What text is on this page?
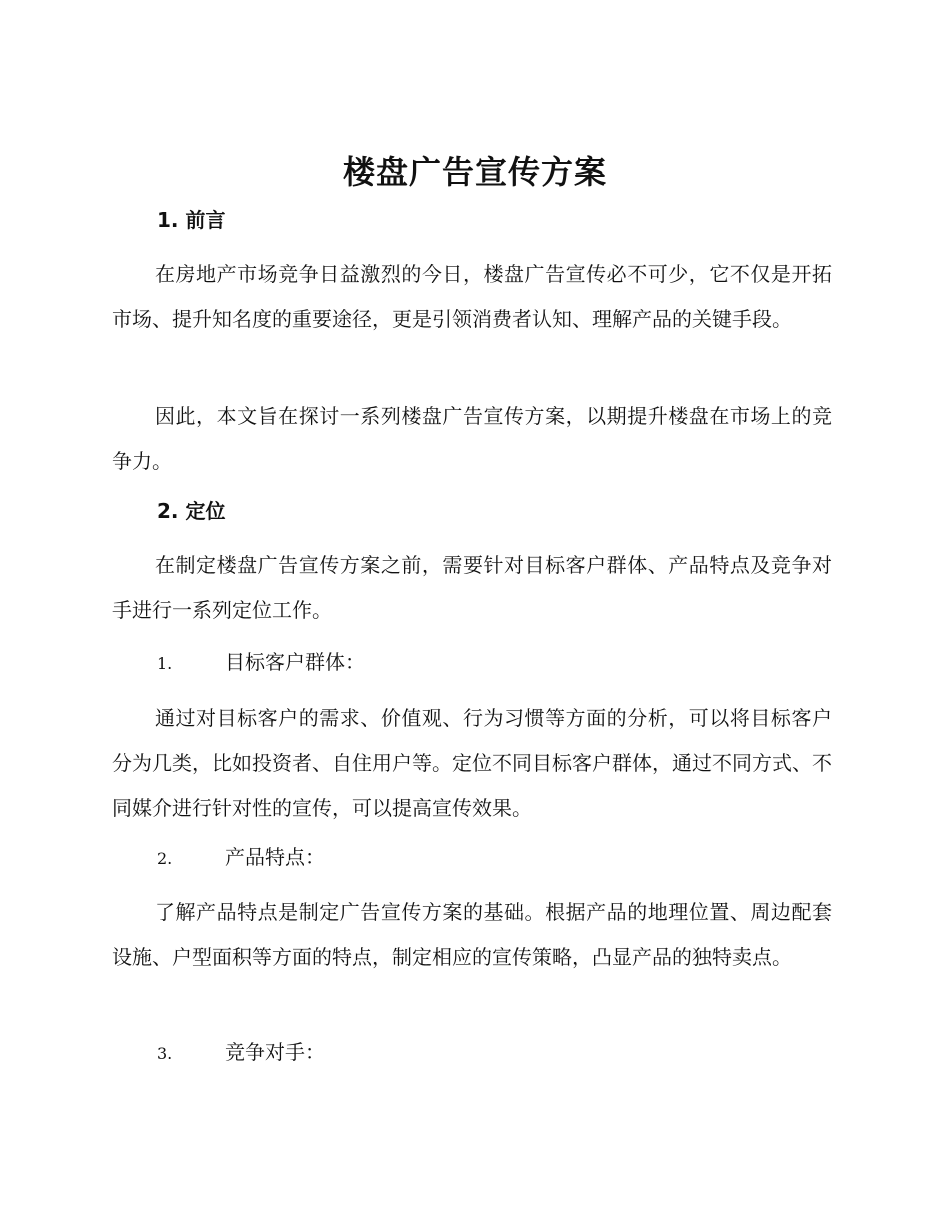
楼盘广告宣传方案
1. 前言
在房地产市场竞争日益激烈的今日，楼盘广告宣传必不可少，它不仅是开拓市场、提升知名度的重要途径，更是引领消费者认知、理解产品的关键手段。
因此，本文旨在探讨一系列楼盘广告宣传方案，以期提升楼盘在市场上的竞争力。
2. 定位
在制定楼盘广告宣传方案之前，需要针对目标客户群体、产品特点及竞争对手进行一系列定位工作。
1.	目标客户群体：
通过对目标客户的需求、价值观、行为习惯等方面的分析，可以将目标客户分为几类，比如投资者、自住用户等。定位不同目标客户群体，通过不同方式、不同媒介进行针对性的宣传，可以提高宣传效果。
2.	产品特点：
了解产品特点是制定广告宣传方案的基础。根据产品的地理位置、周边配套设施、户型面积等方面的特点，制定相应的宣传策略，凸显产品的独特卖点。
3.	竞争对手：
